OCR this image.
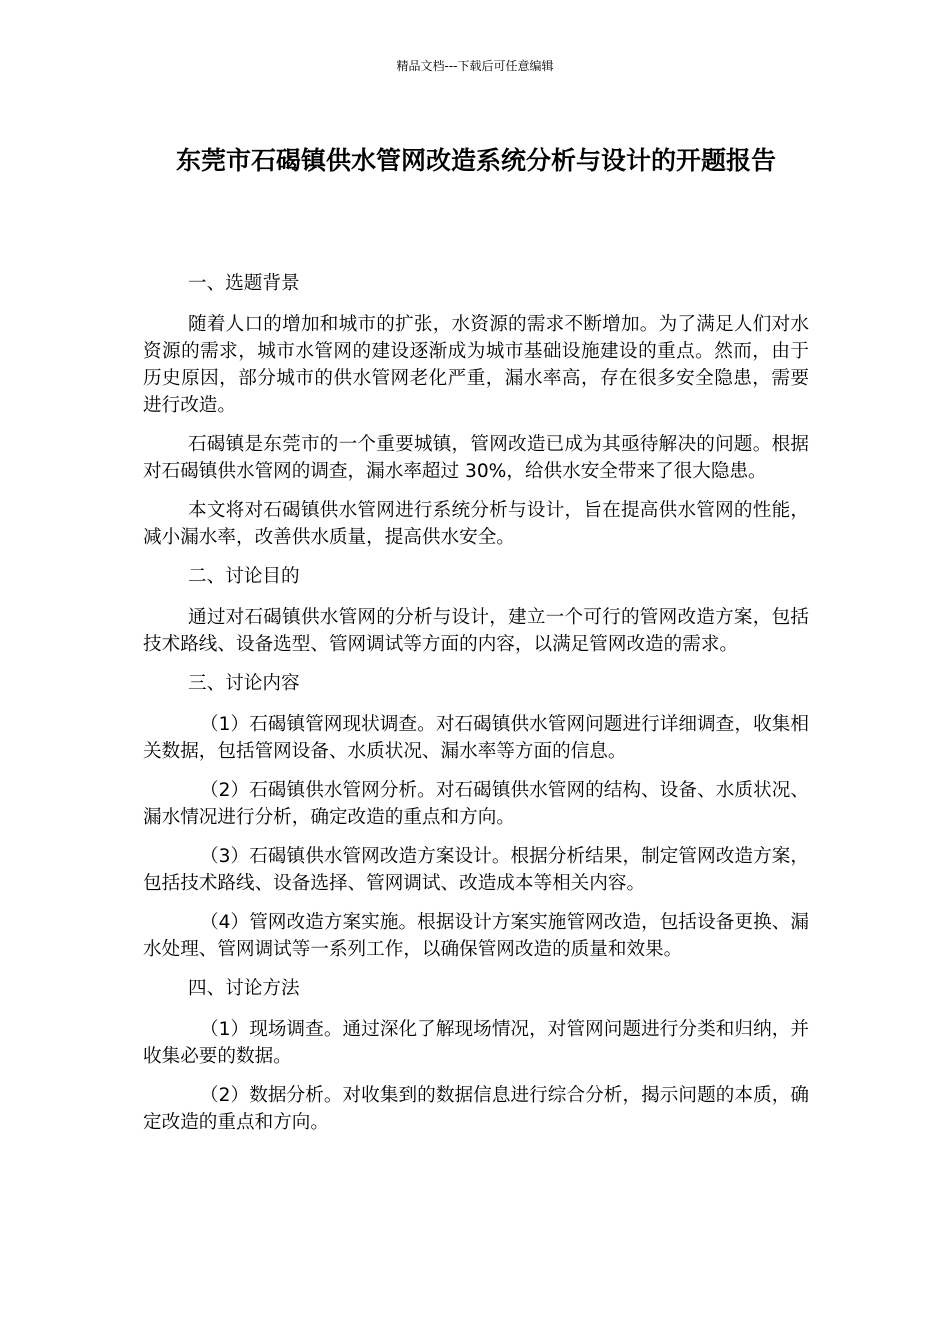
精品文档---下载后可任意编辑
东莞市石碣镇供水管网改造系统分析与设计的开题报告
一、选题背景

随着人口的增加和城市的扩张，水资源的需求不断增加。为了满足人们对水资源的需求，城市水管网的建设逐渐成为城市基础设施建设的重点。然而，由于历史原因，部分城市的供水管网老化严重，漏水率高，存在很多安全隐患，需要进行改造。

石碣镇是东莞市的一个重要城镇，管网改造已成为其亟待解决的问题。根据对石碣镇供水管网的调查，漏水率超过 30%，给供水安全带来了很大隐患。

本文将对石碣镇供水管网进行系统分析与设计，旨在提高供水管网的性能，减小漏水率，改善供水质量，提高供水安全。

二、讨论目的

通过对石碣镇供水管网的分析与设计，建立一个可行的管网改造方案，包括技术路线、设备选型、管网调试等方面的内容，以满足管网改造的需求。

三、讨论内容

（1）石碣镇管网现状调查。对石碣镇供水管网问题进行详细调查，收集相关数据，包括管网设备、水质状况、漏水率等方面的信息。

（2）石碣镇供水管网分析。对石碣镇供水管网的结构、设备、水质状况、漏水情况进行分析，确定改造的重点和方向。

（3）石碣镇供水管网改造方案设计。根据分析结果，制定管网改造方案，包括技术路线、设备选择、管网调试、改造成本等相关内容。

（4）管网改造方案实施。根据设计方案实施管网改造，包括设备更换、漏水处理、管网调试等一系列工作，以确保管网改造的质量和效果。

四、讨论方法

（1）现场调查。通过深化了解现场情况，对管网问题进行分类和归纳，并收集必要的数据。

（2）数据分析。对收集到的数据信息进行综合分析，揭示问题的本质，确定改造的重点和方向。
